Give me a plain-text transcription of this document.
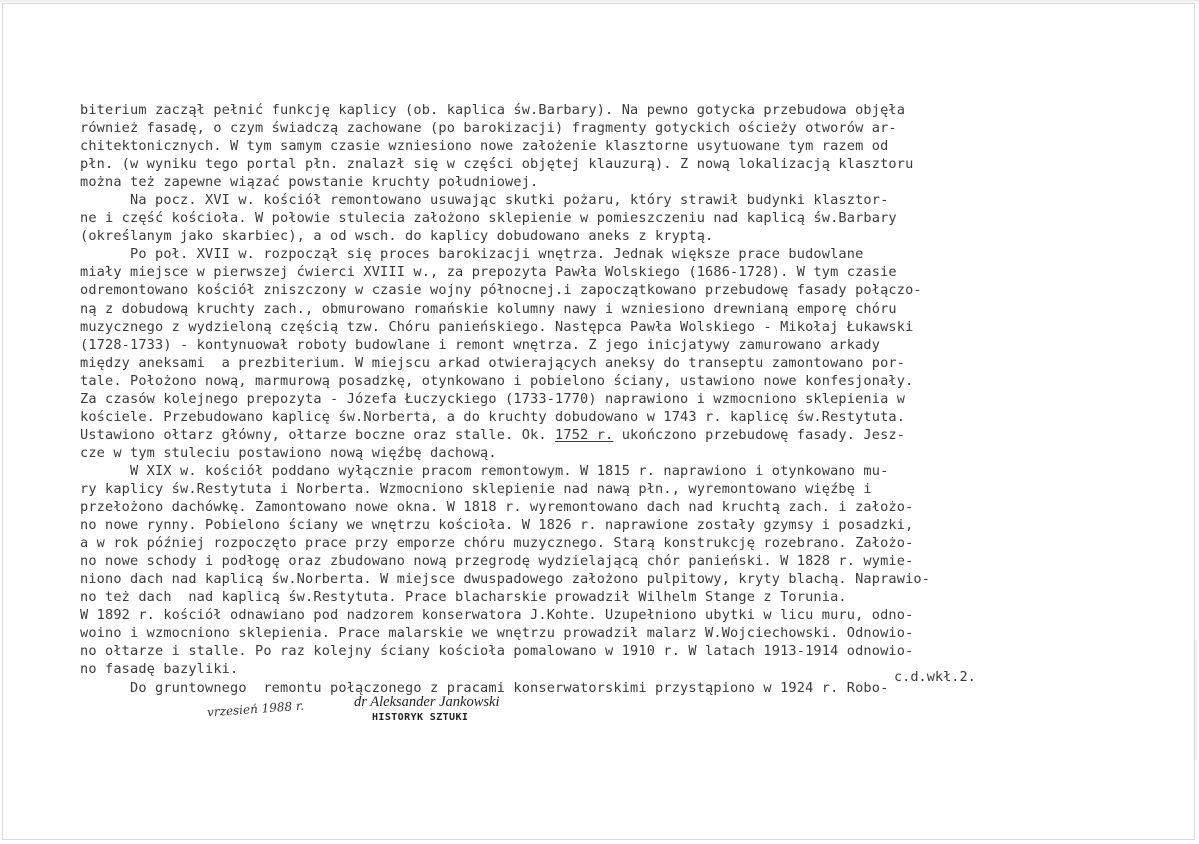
biterium zaczął pełnić funkcję kaplicy (ob. kaplica św.Barbary). Na pewno gotycka przebudowa objęła
również fasadę, o czym świadczą zachowane (po barokizacji) fragmenty gotyckich ościeży otworów ar-
chitektonicznych. W tym samym czasie wzniesiono nowe założenie klasztorne usytuowane tym razem od
płn. (w wyniku tego portal płn. znalazł się w części objętej klauzurą). Z nową lokalizacją klasztoru
można też zapewne wiązać powstanie kruchty południowej.
Na pocz. XVI w. kościół remontowano usuwając skutki pożaru, który strawił budynki klasztor-
ne i część kościoła. W połowie stulecia założono sklepienie w pomieszczeniu nad kaplicą św.Barbary
(określanym jako skarbiec), a od wsch. do kaplicy dobudowano aneks z kryptą.
Po poł. XVII w. rozpoczął się proces barokizacji wnętrza. Jednak większe prace budowlane
miały miejsce w pierwszej ćwierci XVIII w., za prepozyta Pawła Wolskiego (1686-1728). W tym czasie
odremontowano kościół zniszczony w czasie wojny północnej.i zapoczątkowano przebudowę fasady połączo-
ną z dobudową kruchty zach., obmurowano romańskie kolumny nawy i wzniesiono drewnianą emporę chóru
muzycznego z wydzieloną częścią tzw. Chóru panieńskiego. Następca Pawła Wolskiego - Mikołaj Łukawski
(1728-1733) - kontynuował roboty budowlane i remont wnętrza. Z jego inicjatywy zamurowano arkady
między aneksami  a prezbiterium. W miejscu arkad otwierających aneksy do transeptu zamontowano por-
tale. Położono nową, marmurową posadzkę, otynkowano i pobielono ściany, ustawiono nowe konfesjonały.
Za czasów kolejnego prepozyta - Józefa Łuczyckiego (1733-1770) naprawiono i wzmocniono sklepienia w
kościele. Przebudowano kaplicę św.Norberta, a do kruchty dobudowano w 1743 r. kaplicę św.Restytuta.
Ustawiono ołtarz główny, ołtarze boczne oraz stalle. Ok. 1752 r. ukończono przebudowę fasady. Jesz-
cze w tym stuleciu postawiono nową więźbę dachową.
W XIX w. kościół poddano wyłącznie pracom remontowym. W 1815 r. naprawiono i otynkowano mu-
ry kaplicy św.Restytuta i Norberta. Wzmocniono sklepienie nad nawą płn., wyremontowano więźbę i
przełożono dachówkę. Zamontowano nowe okna. W 1818 r. wyremontowano dach nad kruchtą zach. i założo-
no nowe rynny. Pobielono ściany we wnętrzu kościoła. W 1826 r. naprawione zostały gzymsy i posadzki,
a w rok później rozpoczęto prace przy emporze chóru muzycznego. Starą konstrukcję rozebrano. Założo-
no nowe schody i podłogę oraz zbudowano nową przegrodę wydzielającą chór panieński. W 1828 r. wymie-
niono dach nad kaplicą św.Norberta. W miejsce dwuspadowego założono pulpitowy, kryty blachą. Naprawio-
no też dach  nad kaplicą św.Restytuta. Prace blacharskie prowadził Wilhelm Stange z Torunia.
W 1892 r. kościół odnawiano pod nadzorem konserwatora J.Kohte. Uzupełniono ubytki w licu muru, odno-
woino i wzmocniono sklepienia. Prace malarskie we wnętrzu prowadził malarz W.Wojciechowski. Odnowio-
no ołtarze i stalle. Po raz kolejny ściany kościoła pomalowano w 1910 r. W latach 1913-1914 odnowio-
no fasadę bazyliki.
Do gruntownego  remontu połączonego z pracami konserwatorskimi przystąpiono w 1924 r. Robo-
c.d.wkł.2.
vrzesień 1988 r.	dr Aleksander Jankowski
HISTORYK SZTUKI
